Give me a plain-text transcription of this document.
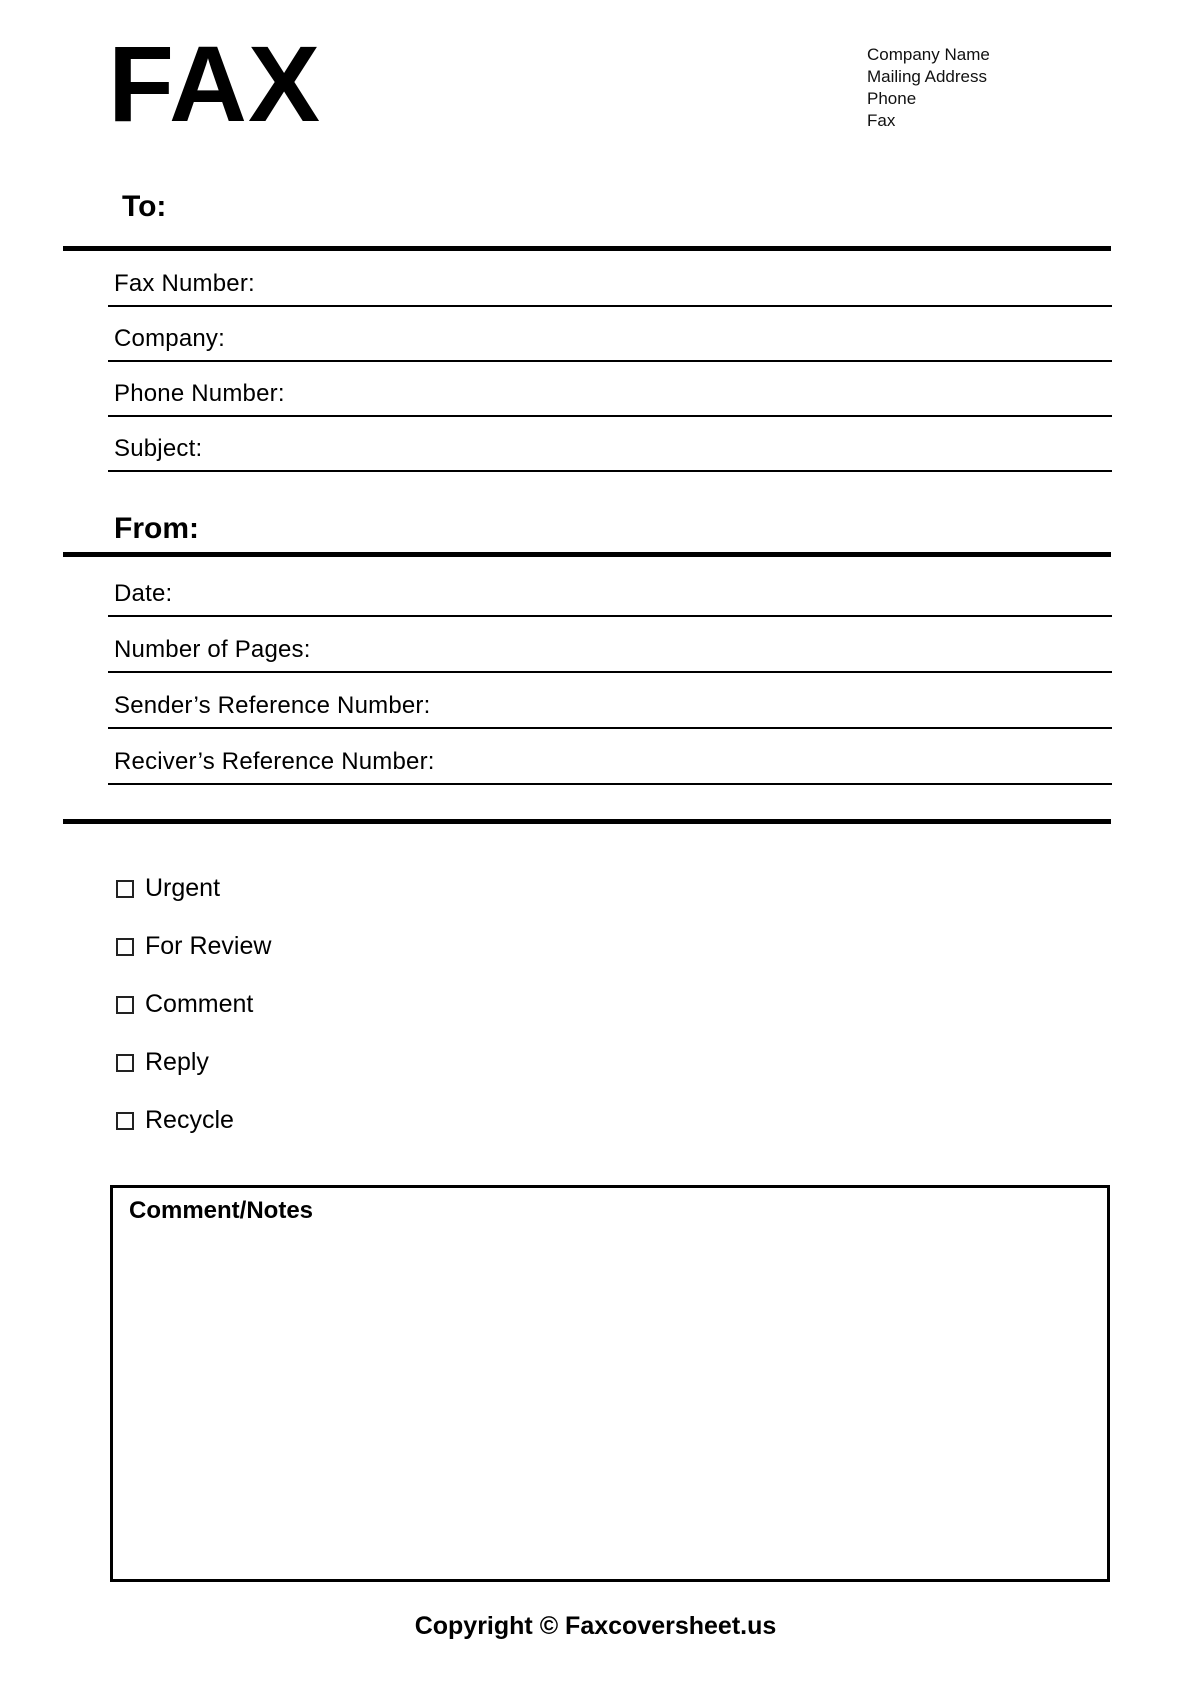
FAX	Company Name
Mailing Address
Phone
Fax
To:
Fax Number:
Company:
Phone Number:
Subject:
From:
Date:
Number of Pages:
Sender’s Reference Number:
Reciver’s Reference Number:
Urgent
For Review
Comment
Reply
Recycle
Comment/Notes
Copyright © Faxcoversheet.us
